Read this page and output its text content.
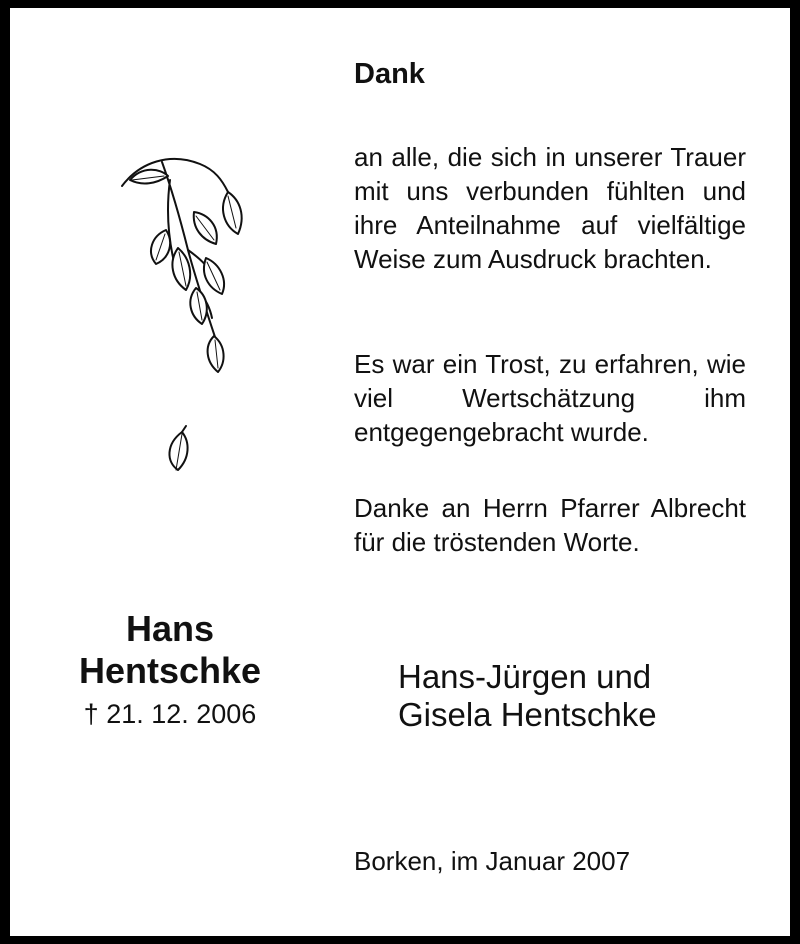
Dank
an alle, die sich in unserer Trauer mit uns verbunden fühlten und ihre Anteilnahme auf vielfältige Weise zum Ausdruck brachten.
Es war ein Trost, zu erfahren, wie viel Wertschätzung ihm entgegengebracht wurde.
Danke an Herrn Pfarrer Albrecht für die tröstenden Worte.
Hans
Hentschke
† 21. 12. 2006
Hans-Jürgen und
Gisela Hentschke
Borken, im Januar 2007
